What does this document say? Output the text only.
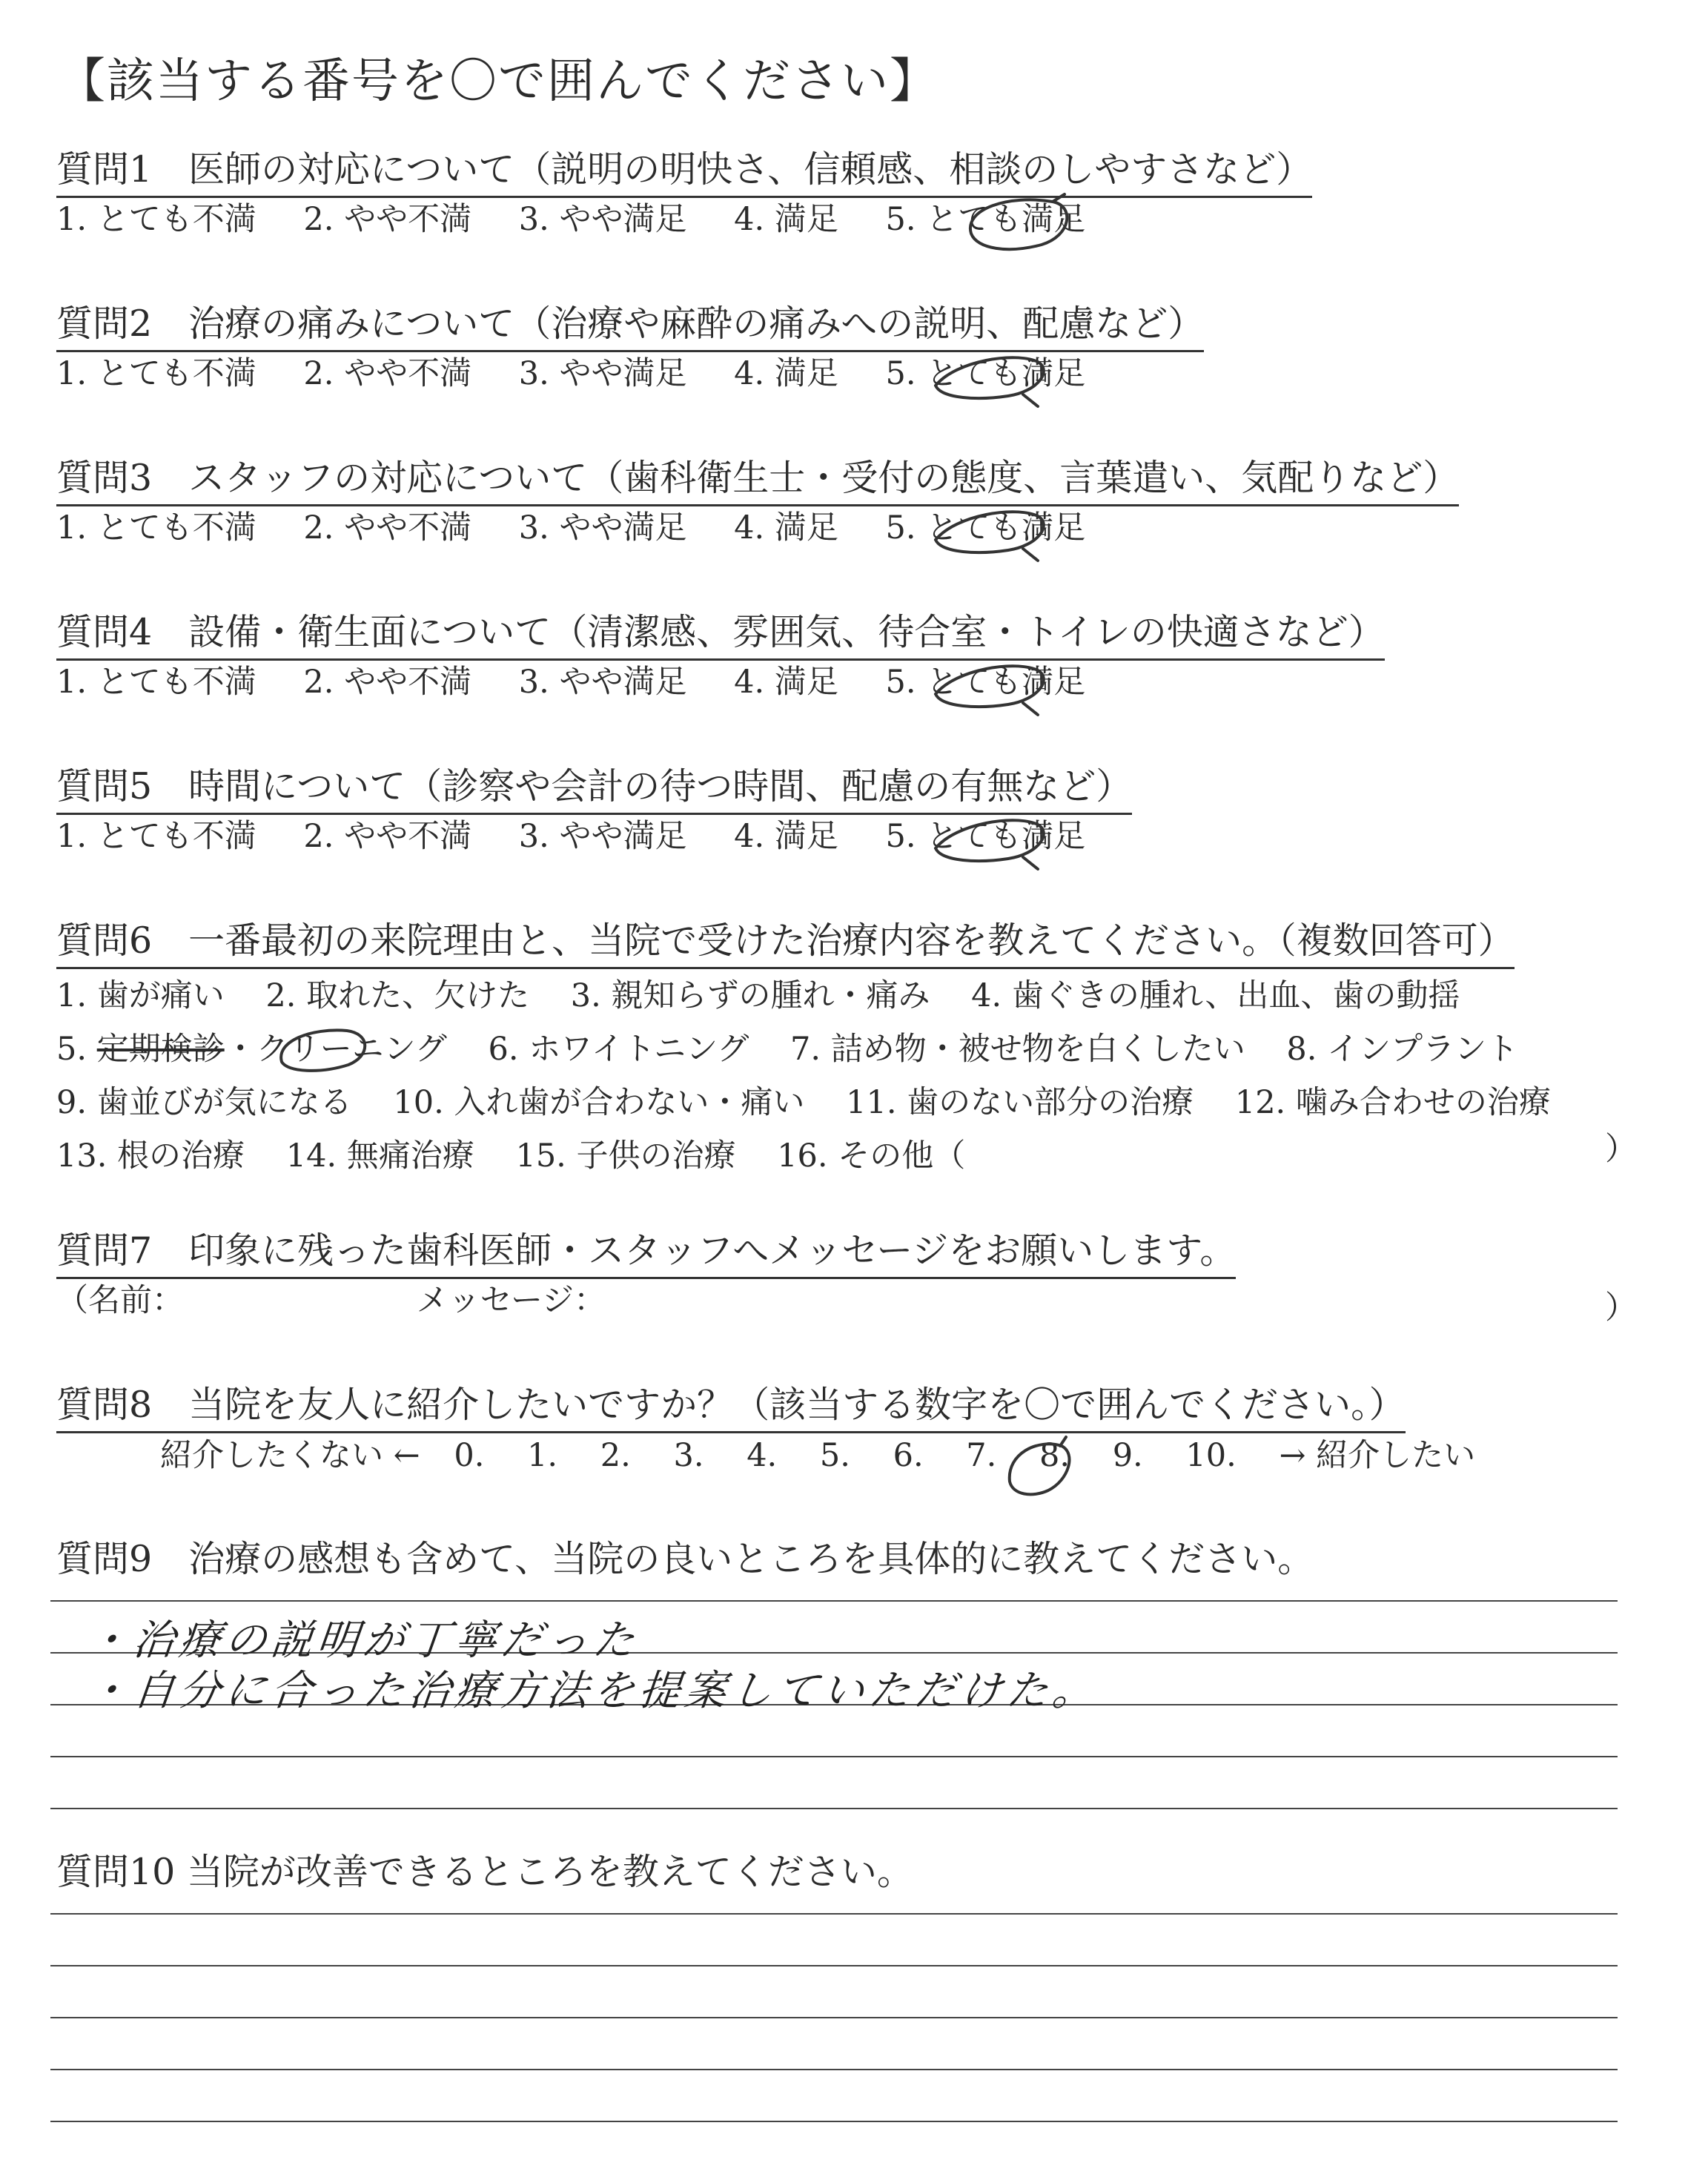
【該当する番号を〇で囲んでください】
質問1　医師の対応について（説明の明快さ、信頼感、相談のしやすさなど）
1. とても不満 2. やや不満 3. やや満足 4. 満足 5. とても満足
質問2　治療の痛みについて（治療や麻酔の痛みへの説明、配慮など）
1. とても不満 2. やや不満 3. やや満足 4. 満足 5. とても満足
質問3　スタッフの対応について（歯科衛生士・受付の態度、言葉遣い、気配りなど）
1. とても不満 2. やや不満 3. やや満足 4. 満足 5. とても満足
質問4　設備・衛生面について（清潔感、雰囲気、待合室・トイレの快適さなど）
1. とても不満 2. やや不満 3. やや満足 4. 満足 5. とても満足
質問5　時間について（診察や会計の待つ時間、配慮の有無など）
1. とても不満 2. やや不満 3. やや満足 4. 満足 5. とても満足
質問6　一番最初の来院理由と、当院で受けた治療内容を教えてください。（複数回答可）
1. 歯が痛い 2. 取れた、欠けた 3. 親知らずの腫れ・痛み 4. 歯ぐきの腫れ、出血、歯の動揺
5. 定期検診・クリーニング 6. ホワイトニング 7. 詰め物・被せ物を白くしたい 8. インプラント
9. 歯並びが気になる 10. 入れ歯が合わない・痛い 11. 歯のない部分の治療 12. 噛み合わせの治療
13. 根の治療 14. 無痛治療 15. 子供の治療 16. その他（	）
質問7　印象に残った歯科医師・スタッフへメッセージをお願いします。
（名前：	メッセージ：	）
質問8　当院を友人に紹介したいですか？（該当する数字を〇で囲んでください。）
紹介したくない ← 0. 1. 2. 3. 4. 5. 6. 7. 8. 9. 10. → 紹介したい
質問9　治療の感想も含めて、当院の良いところを具体的に教えてください。
・治療の説明が丁寧だった
・自分に合った治療方法を提案していただけた。
質問10 当院が改善できるところを教えてください。
